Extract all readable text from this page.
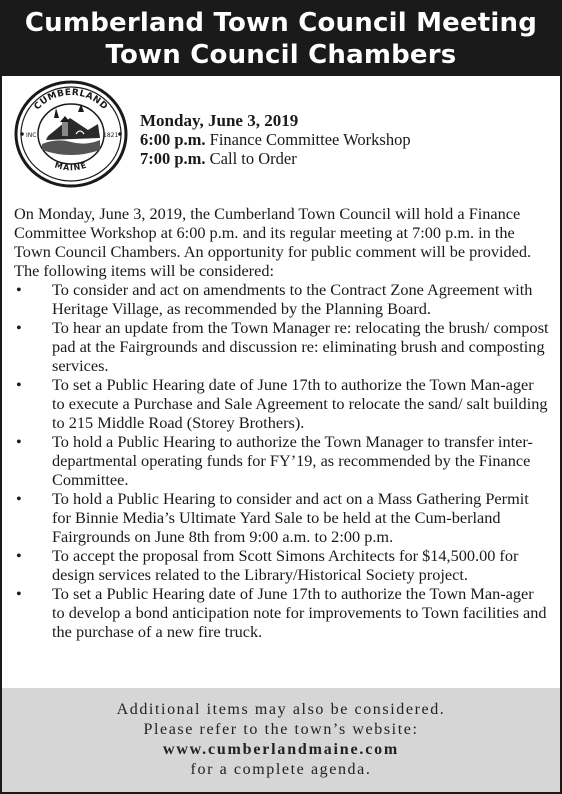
Cumberland Town Council Meeting
Town Council Chambers
CUMBERLAND
MAINE
INC	1821
Monday, June 3, 2019
6:00 p.m. Finance Committee Workshop
7:00 p.m. Call to Order
On Monday, June 3, 2019, the Cumberland Town Council will hold a Finance Committee Workshop at 6:00 p.m. and its regular meeting at 7:00 p.m. in the Town Council Chambers. An opportunity for public comment will be provided. The following items will be considered:
• To consider and act on amendments to the Contract Zone Agreement with Heritage Village, as recommended by the Planning Board.
• To hear an update from the Town Manager re: relocating the brush/ compost pad at the Fairgrounds and discussion re: eliminating brush and composting services.
• To set a Public Hearing date of June 17th to authorize the Town Man-ager to execute a Purchase and Sale Agreement to relocate the sand/ salt building to 215 Middle Road (Storey Brothers).
• To hold a Public Hearing to authorize the Town Manager to transfer inter-departmental operating funds for FY’19, as recommended by the Finance Committee.
• To hold a Public Hearing to consider and act on a Mass Gathering Permit for Binnie Media’s Ultimate Yard Sale to be held at the Cum-berland Fairgrounds on June 8th from 9:00 a.m. to 2:00 p.m.
• To accept the proposal from Scott Simons Architects for $14,500.00 for design services related to the Library/Historical Society project.
• To set a Public Hearing date of June 17th to authorize the Town Man-ager to develop a bond anticipation note for improvements to Town facilities and the purchase of a new fire truck.
Additional items may also be considered.
Please refer to the town’s website:
www.cumberlandmaine.com
for a complete agenda.
